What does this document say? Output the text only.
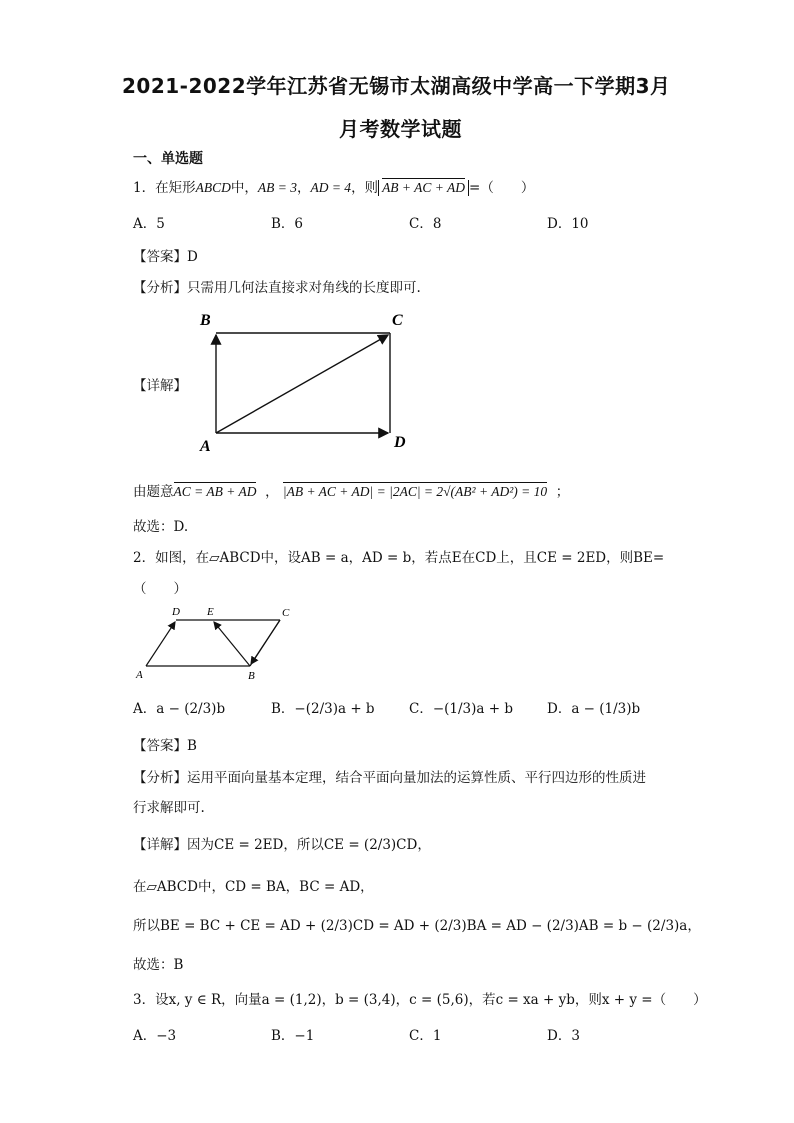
2021-2022学年江苏省无锡市太湖高级中学高一下学期3月
月考数学试题
一、单选题
1．在矩形ABCD中，AB = 3，AD = 4，则 AB + AC + AD =（　　）
A．5	B．6	C．8	D．10
【答案】D
【分析】只需用几何法直接求对角线的长度即可.
【详解】
B	C
A	D
由题意AC = AB + AD  ， |AB + AC + AD| = |2AC| = 2√(AB² + AD²) = 10 ；
故选：D.
2．如图，在▱ABCD中，设AB = a，AD = b，若点E在CD上，且CE = 2ED，则BE=
（　　）
D E	C
A	B
A．a − (2/3)b	B．−(2/3)a + b	C．−(1/3)a + b	D．a − (1/3)b
【答案】B
【分析】运用平面向量基本定理，结合平面向量加法的运算性质、平行四边形的性质进
行求解即可.
【详解】因为CE = 2ED，所以CE = (2/3)CD，
在▱ABCD中，CD = BA，BC = AD，
所以BE = BC + CE = AD + (2/3)CD = AD + (2/3)BA = AD − (2/3)AB = b − (2/3)a，
故选：B
3．设x, y ∈ R，向量a = (1,2)，b = (3,4)，c = (5,6)，若c = xa + yb，则x + y =（　　）
A．−3	B．−1	C．1	D．3
